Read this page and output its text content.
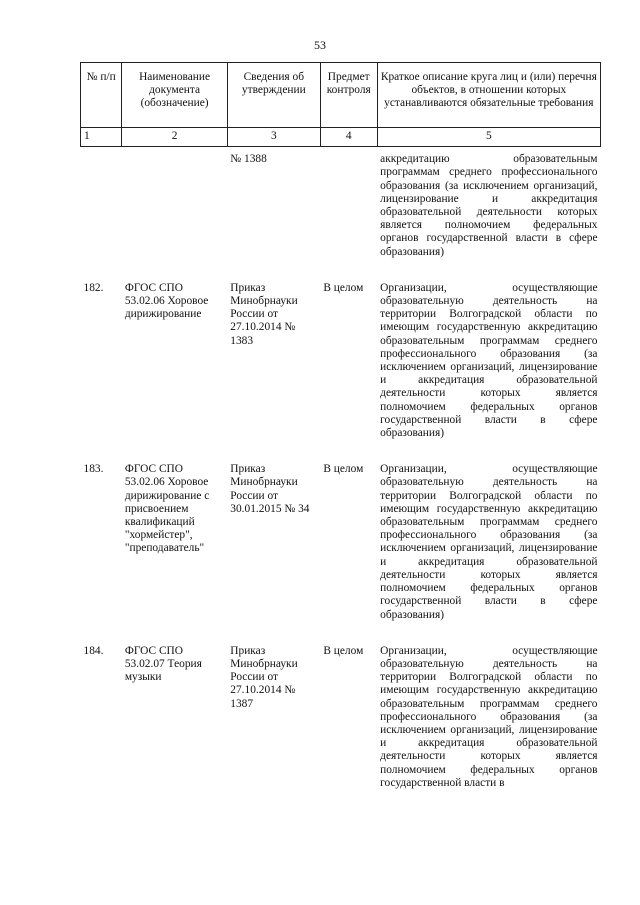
53
№ п/п	Наименование документа (обозначение)	Сведения об утверждении	Предмет контроля	Краткое описание круга лиц и (или) перечня объектов, в отношении которых устанавливаются обязательные требования
1	2	3	4	5
		№ 1388		аккредитацию образовательным программам среднего профессионального образования (за исключением организаций, лицензирование и аккредитация образовательной деятельности которых является полномочием федеральных органов государственной власти в сфере образования)
182.	ФГОС СПО 53.02.06 Хоровое дирижирование	Приказ Минобрнауки России от 27.10.2014 № 1383	В целом	Организации, осуществляющие образовательную деятельность на территории Волгоградской области по имеющим государственную аккредитацию образовательным программам среднего профессионального образования (за исключением организаций, лицензирование и аккредитация образовательной деятельности которых является полномочием федеральных органов государственной власти в сфере образования)
183.	ФГОС СПО 53.02.06 Хоровое дирижирование с присвоением квалификаций "хормейстер", "преподаватель"	Приказ Минобрнауки России от 30.01.2015 № 34	В целом	Организации, осуществляющие образовательную деятельность на территории Волгоградской области по имеющим государственную аккредитацию образовательным программам среднего профессионального образования (за исключением организаций, лицензирование и аккредитация образовательной деятельности которых является полномочием федеральных органов государственной власти в сфере образования)
184.	ФГОС СПО 53.02.07 Теория музыки	Приказ Минобрнауки России от 27.10.2014 № 1387	В целом	Организации, осуществляющие образовательную деятельность на территории Волгоградской области по имеющим государственную аккредитацию образовательным программам среднего профессионального образования (за исключением организаций, лицензирование и аккредитация образовательной деятельности которых является полномочием федеральных органов государственной власти в
